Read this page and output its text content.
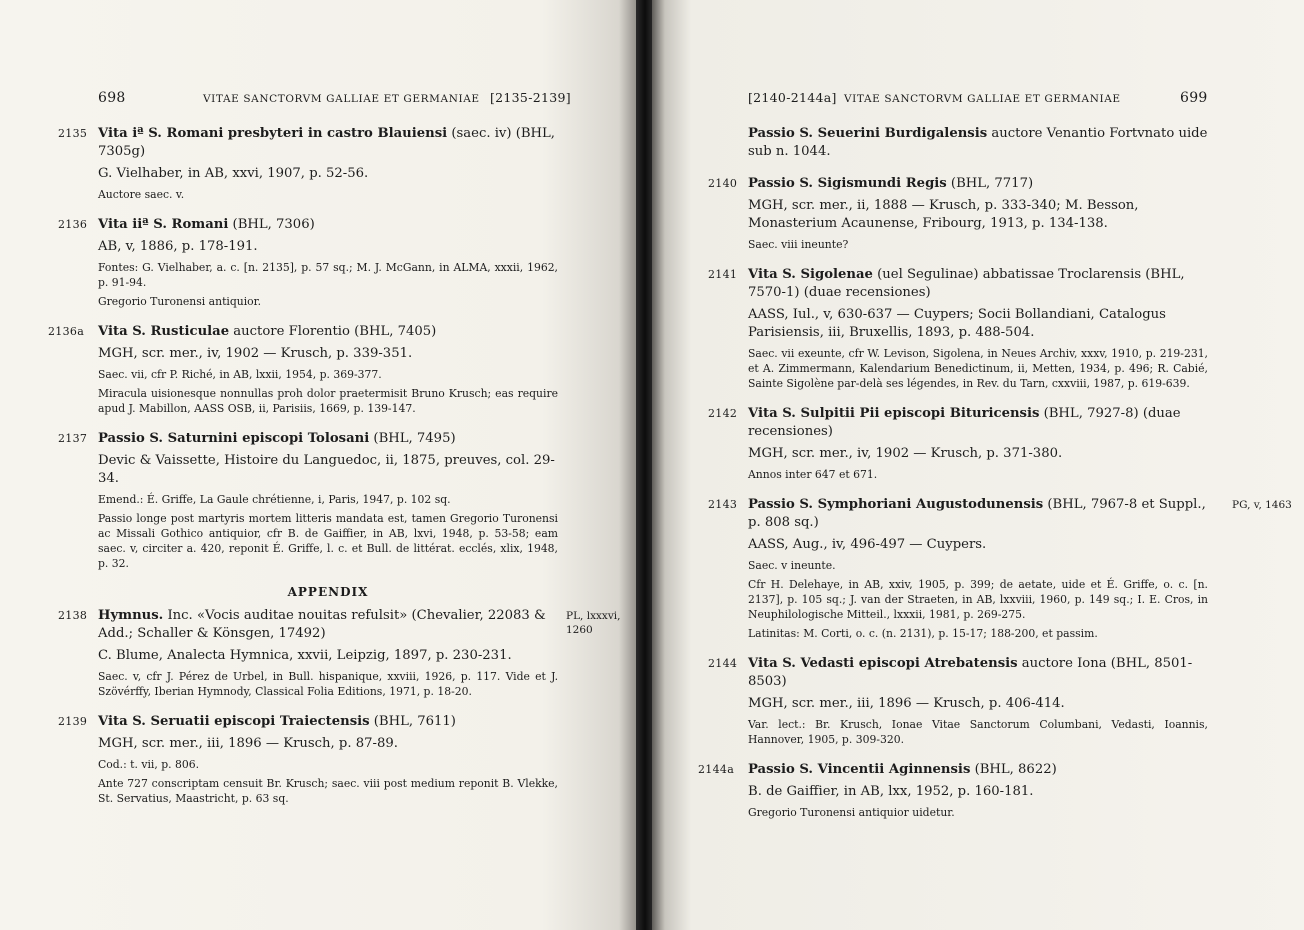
698	VITAE SANCTORVM GALLIAE ET GERMANIAE [2135-2139]
2135 Vita iª S. Romani presbyteri in castro Blauiensi (saec. iv) (BHL, 7305g)
G. Vielhaber, in AB, xxvi, 1907, p. 52-56.
Auctore saec. v.
2136 Vita iiª S. Romani (BHL, 7306)
AB, v, 1886, p. 178-191.
Fontes: G. Vielhaber, a. c. [n. 2135], p. 57 sq.; M. J. McGann, in ALMA, xxxii, 1962, p. 91-94.
Gregorio Turonensi antiquior.
2136a Vita S. Rusticulae auctore Florentio (BHL, 7405)
MGH, scr. mer., iv, 1902 — Krusch, p. 339-351.
Saec. vii, cfr P. Riché, in AB, lxxii, 1954, p. 369-377.
Miracula uisionesque nonnullas proh dolor praetermisit Bruno Krusch; eas require apud J. Mabillon, AASS OSB, ii, Parisiis, 1669, p. 139-147.
2137 Passio S. Saturnini episcopi Tolosani (BHL, 7495)
Devic & Vaissette, Histoire du Languedoc, ii, 1875, preuves, col. 29-34.
Emend.: É. Griffe, La Gaule chrétienne, i, Paris, 1947, p. 102 sq.
Passio longe post martyris mortem litteris mandata est, tamen Gregorio Turonensi ac Missali Gothico antiquior, cfr B. de Gaiffier, in AB, lxvi, 1948, p. 53-58; eam saec. v, circiter a. 420, reponit É. Griffe, l. c. et Bull. de littérat. ecclés, xlix, 1948, p. 32.
APPENDIX
2138	PL, lxxxvi, 1260
Hymnus. Inc. «Vocis auditae nouitas refulsit» (Chevalier, 22083 & Add.; Schaller & Könsgen, 17492)
C. Blume, Analecta Hymnica, xxvii, Leipzig, 1897, p. 230-231.
Saec. v, cfr J. Pérez de Urbel, in Bull. hispanique, xxviii, 1926, p. 117. Vide et J. Szövérffy, Iberian Hymnody, Classical Folia Editions, 1971, p. 18-20.
2139 Vita S. Seruatii episcopi Traiectensis (BHL, 7611)
MGH, scr. mer., iii, 1896 — Krusch, p. 87-89.
Cod.: t. vii, p. 806.
Ante 727 conscriptam censuit Br. Krusch; saec. viii post medium reponit B. Vlekke, St. Servatius, Maastricht, p. 63 sq.
[2140-2144a] VITAE SANCTORVM GALLIAE ET GERMANIAE	699
Passio S. Seuerini Burdigalensis auctore Venantio Fortvnato uide sub n. 1044.
2140 Passio S. Sigismundi Regis (BHL, 7717)
MGH, scr. mer., ii, 1888 — Krusch, p. 333-340; M. Besson, Monasterium Acaunense, Fribourg, 1913, p. 134-138.
Saec. viii ineunte?
2141 Vita S. Sigolenae (uel Segulinae) abbatissae Troclarensis (BHL, 7570-1) (duae recensiones)
AASS, Iul., v, 630-637 — Cuypers; Socii Bollandiani, Catalogus Parisiensis, iii, Bruxellis, 1893, p. 488-504.
Saec. vii exeunte, cfr W. Levison, Sigolena, in Neues Archiv, xxxv, 1910, p. 219-231, et A. Zimmermann, Kalendarium Benedictinum, ii, Metten, 1934, p. 496; R. Cabié, Sainte Sigolène par-delà ses légendes, in Rev. du Tarn, cxxviii, 1987, p. 619-639.
2142 Vita S. Sulpitii Pii episcopi Bituricensis (BHL, 7927-8) (duae recensiones)
MGH, scr. mer., iv, 1902 — Krusch, p. 371-380.
Annos inter 647 et 671.
2143	PG, v, 1463
Passio S. Symphoriani Augustodunensis (BHL, 7967-8 et Suppl., p. 808 sq.)
AASS, Aug., iv, 496-497 — Cuypers.
Saec. v ineunte.
Cfr H. Delehaye, in AB, xxiv, 1905, p. 399; de aetate, uide et É. Griffe, o. c. [n. 2137], p. 105 sq.; J. van der Straeten, in AB, lxxviii, 1960, p. 149 sq.; I. E. Cros, in Neuphilologische Mitteil., lxxxii, 1981, p. 269-275.
Latinitas: M. Corti, o. c. (n. 2131), p. 15-17; 188-200, et passim.
2144 Vita S. Vedasti episcopi Atrebatensis auctore Iona (BHL, 8501-8503)
MGH, scr. mer., iii, 1896 — Krusch, p. 406-414.
Var. lect.: Br. Krusch, Ionae Vitae Sanctorum Columbani, Vedasti, Ioannis, Hannover, 1905, p. 309-320.
2144a Passio S. Vincentii Aginnensis (BHL, 8622)
B. de Gaiffier, in AB, lxx, 1952, p. 160-181.
Gregorio Turonensi antiquior uidetur.
